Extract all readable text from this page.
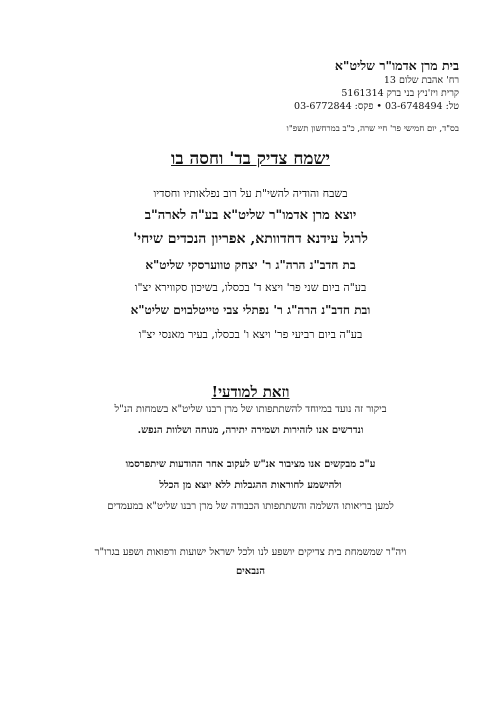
בית מרן אדמו"ר שליט"א
רח' אהבת שלום 13
קרית ויז'ניץ בני ברק 5161314
טל: 03-6748494 • פקס: 03-6772844
בס"ד, יום חמישי פר' חיי שרה, כ"ב במרחשון תשפ"ו
ישמח צדיק בד' וחסה בו
בשבח והודיה להשי"ת על רוב נפלאותיו וחסדיו
יוצא מרן אדמו"ר שליט"א בע"ה לארה"ב
לרגל עידנא דחדוותא, אפריון הנכדים שיחי'
בת חדב"נ הרה"ג ר' יצחק טווערסקי שליט"א
בע"ה ביום שני פר' ויצא ד' בכסלו, בשיכון סקווירא יצ"ו
ובת חדב"נ הרה"ג ר' נפתלי צבי טייטלבוים שליט"א
בע"ה ביום רביעי פר' ויצא ו' בכסלו, בעיר מאנסי יצ"ו
וזאת למודעי!
ביקור זה נועד במיוחד להשתתפותו של מרן רבנו שליט"א בשמחות הנ"ל
ונדרשים אנו לזהירות ושמירה יתירה, מנוחה ושלוות הנפש.
ע"כ מבקשים אנו מציבור אנ"ש לעקוב אחר ההודעות שיתפרסמו
ולהישמע לחוראות ההגבלות ללא יוצא מן הכלל
למען בריאותו השלמה והשתתפותו הכבודה של מרן רבנו שליט"א במעמדים
ויה"ר שמשמחת בית צדיקים יושפע לנו ולכל ישראל ישועות ורפואות ושפע בגרו"ר
הנבאים
